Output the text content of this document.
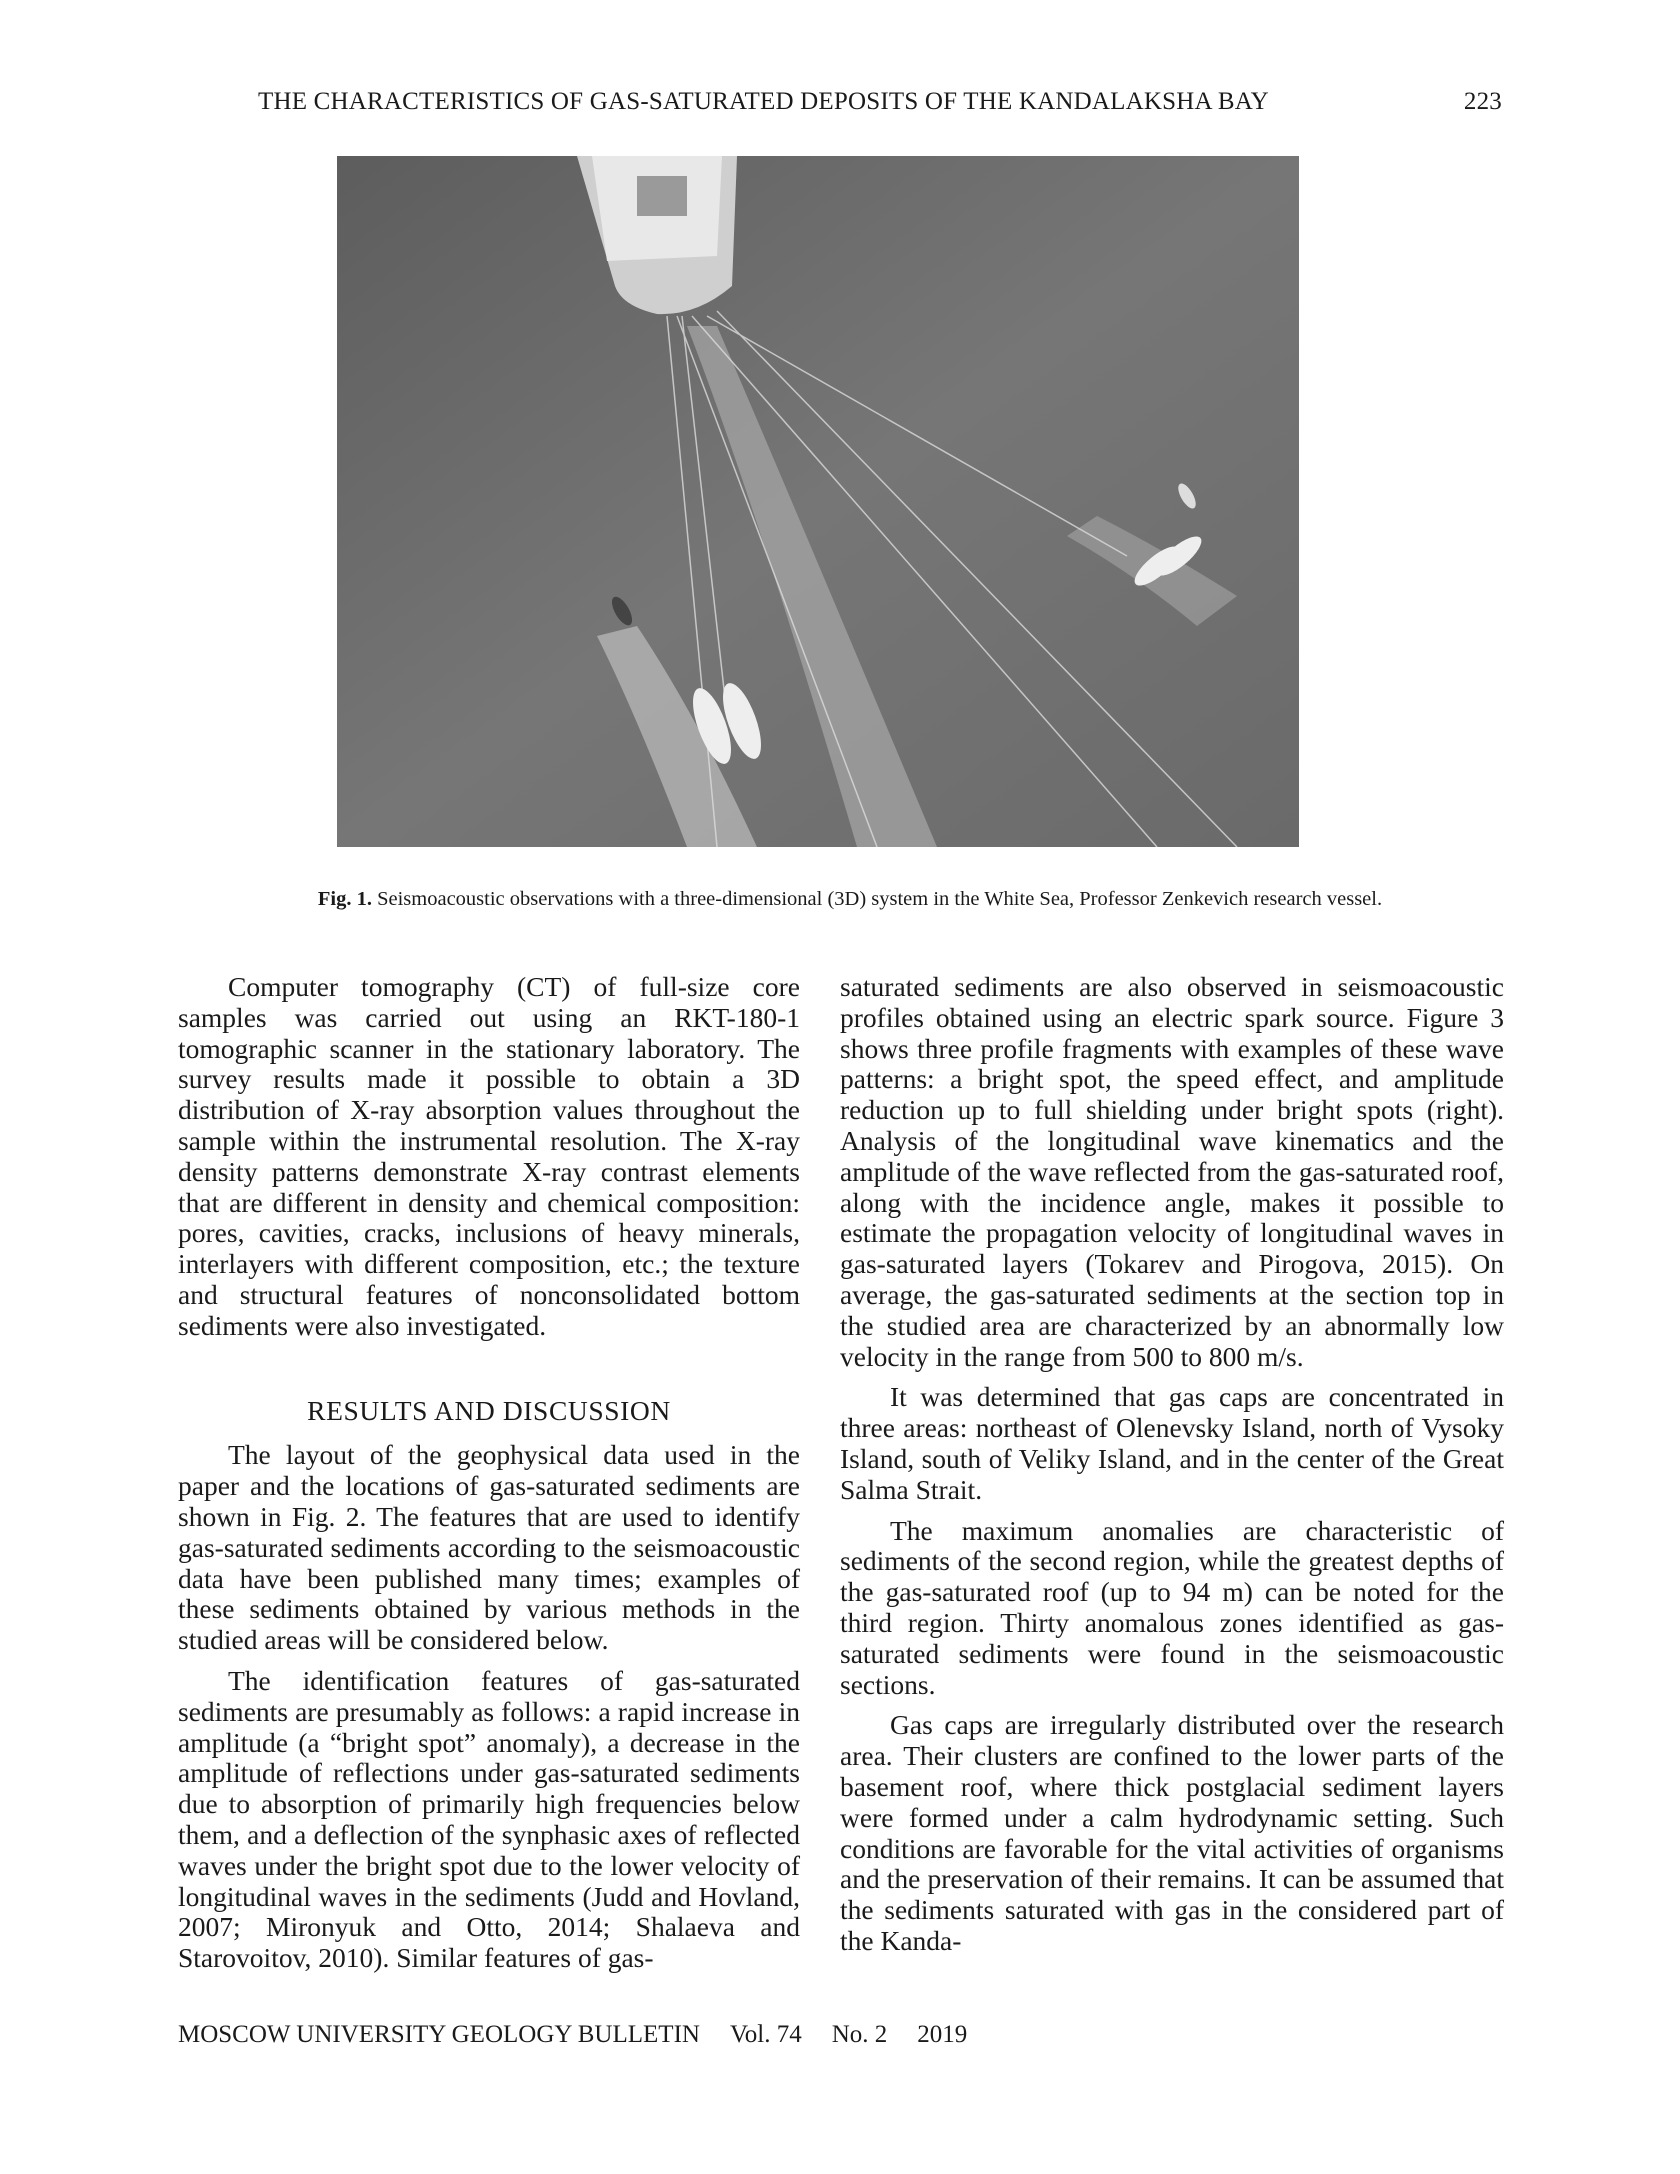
THE CHARACTERISTICS OF GAS-SATURATED DEPOSITS OF THE KANDALAKSHA BAY	223
Fig. 1. Seismoacoustic observations with a three-dimensional (3D) system in the White Sea, Professor Zenkevich research vessel.

Computer tomography (CT) of full-size core samples was carried out using an RKT-180-1 tomographic scanner in the stationary laboratory. The survey results made it possible to obtain a 3D distribution of X-ray absorption values throughout the sample within the instrumental resolution. The X-ray density patterns demonstrate X-ray contrast elements that are different in density and chemical composition: pores, cavities, cracks, inclusions of heavy minerals, interlayers with different composition, etc.; the texture and structural features of nonconsolidated bottom sediments were also investigated.

RESULTS AND DISCUSSION

The layout of the geophysical data used in the paper and the locations of gas-saturated sediments are shown in Fig. 2. The features that are used to identify gas-saturated sediments according to the seismoacoustic data have been published many times; examples of these sediments obtained by various methods in the studied areas will be considered below.

The identification features of gas-saturated sediments are presumably as follows: a rapid increase in amplitude (a “bright spot” anomaly), a decrease in the amplitude of reflections under gas-saturated sediments due to absorption of primarily high frequencies below them, and a deflection of the synphasic axes of reflected waves under the bright spot due to the lower velocity of longitudinal waves in the sediments (Judd and Hovland, 2007; Mironyuk and Otto, 2014; Shalaeva and Starovoitov, 2010). Similar features of gas-

saturated sediments are also observed in seismoacoustic profiles obtained using an electric spark source. Figure 3 shows three profile fragments with examples of these wave patterns: a bright spot, the speed effect, and amplitude reduction up to full shielding under bright spots (right). Analysis of the longitudinal wave kinematics and the amplitude of the wave reflected from the gas-saturated roof, along with the incidence angle, makes it possible to estimate the propagation velocity of longitudinal waves in gas-saturated layers (Tokarev and Pirogova, 2015). On average, the gas-saturated sediments at the section top in the studied area are characterized by an abnormally low velocity in the range from 500 to 800 m/s.

It was determined that gas caps are concentrated in three areas: northeast of Olenevsky Island, north of Vysoky Island, south of Veliky Island, and in the center of the Great Salma Strait.

The maximum anomalies are characteristic of sediments of the second region, while the greatest depths of the gas-saturated roof (up to 94 m) can be noted for the third region. Thirty anomalous zones identified as gas-saturated sediments were found in the seismoacoustic sections.

Gas caps are irregularly distributed over the research area. Their clusters are confined to the lower parts of the basement roof, where thick postglacial sediment layers were formed under a calm hydrodynamic setting. Such conditions are favorable for the vital activities of organisms and the preservation of their remains. It can be assumed that the sediments saturated with gas in the considered part of the Kanda-

MOSCOW UNIVERSITY GEOLOGY BULLETIN Vol. 74 No. 2 2019
